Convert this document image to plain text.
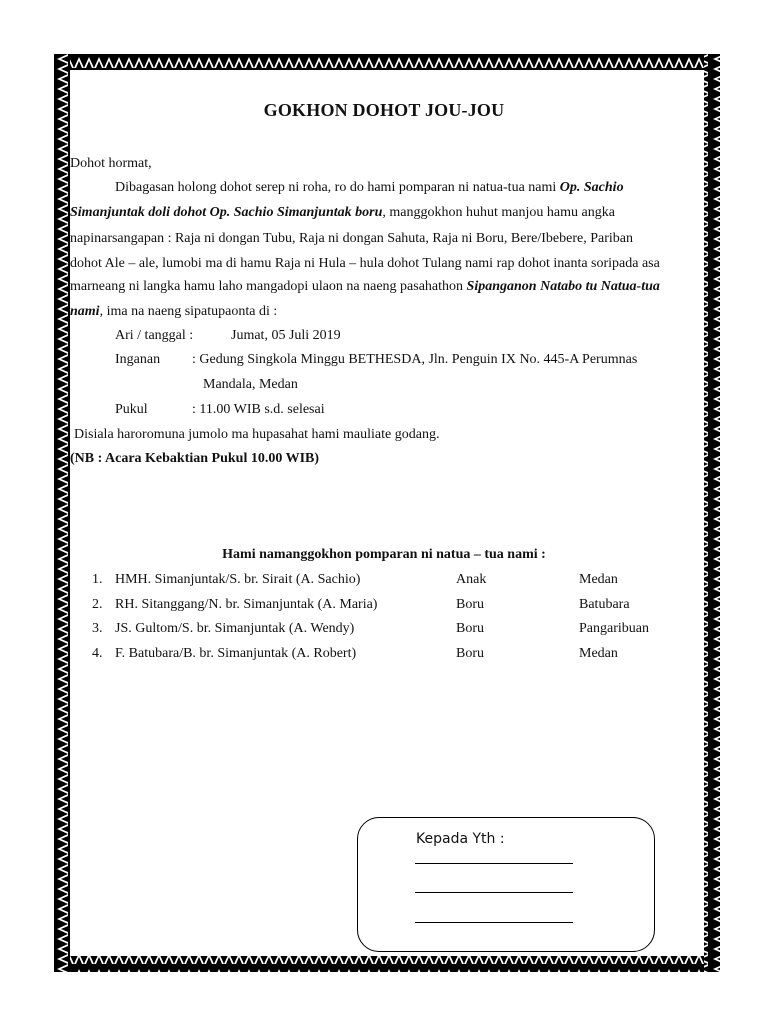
GOKHON DOHOT JOU-JOU
Dohot hormat,
Dibagasan holong dohot serep ni roha, ro do hami pomparan ni natua-tua nami Op. Sachio
Simanjuntak doli dohot Op. Sachio Simanjuntak boru, manggokhon huhut manjou hamu angka
napinarsangapan : Raja ni dongan Tubu, Raja ni dongan Sahuta, Raja ni Boru, Bere/Ibebere, Pariban
dohot Ale – ale, lumobi ma di hamu Raja ni Hula – hula dohot Tulang nami rap dohot inanta soripada asa
marneang ni langka hamu laho mangadopi ulaon na naeng pasahathon Sipanganon Natabo tu Natua-tua
nami, ima na naeng sipatupaonta di :
Ari / tanggal :	Jumat, 05 Juli 2019
Inganan : Gedung Singkola Minggu BETHESDA, Jln. Penguin IX No. 445-A Perumnas
Mandala, Medan
Pukul	: 11.00 WIB s.d. selesai
Disiala haroromuna jumolo ma hupasahat hami mauliate godang.
(NB : Acara Kebaktian Pukul 10.00 WIB)
Hami namanggokhon pomparan ni natua – tua nami :
1. HMH. Simanjuntak/S. br. Sirait (A. Sachio)	Anak	Medan
2. RH. Sitanggang/N. br. Simanjuntak (A. Maria)	Boru	Batubara
3. JS. Gultom/S. br. Simanjuntak (A. Wendy)	Boru	Pangaribuan
4. F. Batubara/B. br. Simanjuntak (A. Robert)	Boru	Medan
Kepada Yth :
